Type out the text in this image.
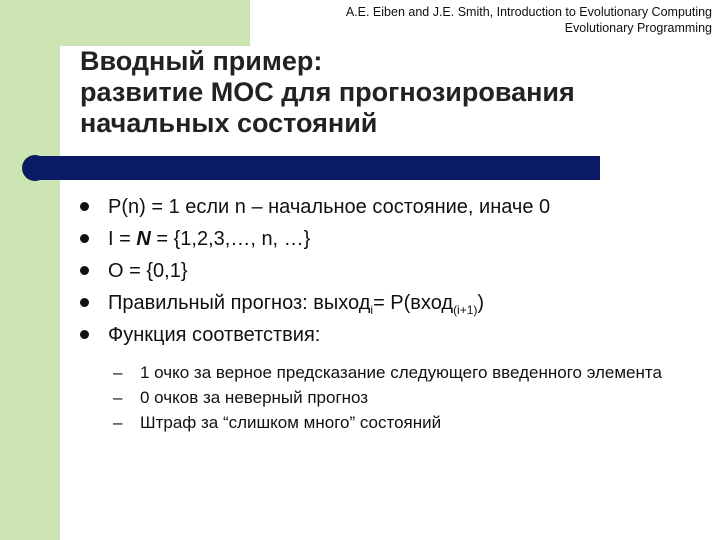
A.E. Eiben and J.E. Smith, Introduction to Evolutionary Computing
Evolutionary Programming
Вводный пример:
развитие МОС для прогнозирования
начальных состояний
P(n) = 1 если n – начальное состояние, иначе 0
I = N = {1,2,3,…, n, …}
O = {0,1}
Правильный прогноз: выход$_i$= P(вход$_{(i+1)}$)
Функция соответствия:
– 1 очко за верное предсказание следующего введенного элемента
– 0 очков за неверный прогноз
– Штраф за “слишком много” состояний
